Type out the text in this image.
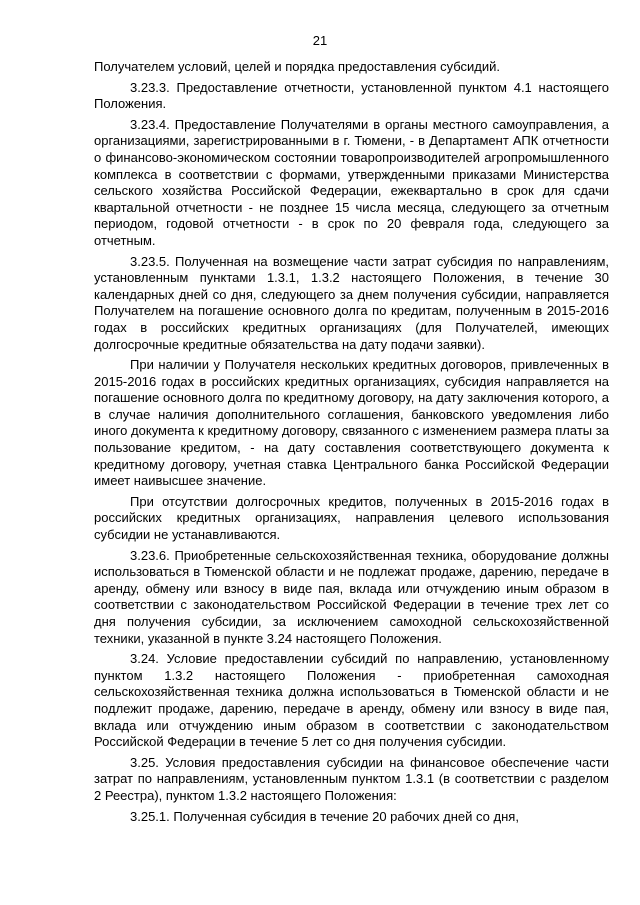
21

Получателем условий, целей и порядка предоставления субсидий.

3.23.3. Предоставление отчетности, установленной пунктом 4.1 настоящего Положения.

3.23.4. Предоставление Получателями в органы местного самоуправления, а организациями, зарегистрированными в г. Тюмени, - в Департамент АПК отчетности о финансово-экономическом состоянии товаропроизводителей агропромышленного комплекса в соответствии с формами, утвержденными приказами Министерства сельского хозяйства Российской Федерации, ежеквартально в срок для сдачи квартальной отчетности - не позднее 15 числа месяца, следующего за отчетным периодом, годовой отчетности - в срок по 20 февраля года, следующего за отчетным.

3.23.5. Полученная на возмещение части затрат субсидия по направлениям, установленным пунктами 1.3.1, 1.3.2 настоящего Положения, в течение 30 календарных дней со дня, следующего за днем получения субсидии, направляется Получателем на погашение основного долга по кредитам, полученным в 2015-2016 годах в российских кредитных организациях (для Получателей, имеющих долгосрочные кредитные обязательства на дату подачи заявки).

При наличии у Получателя нескольких кредитных договоров, привлеченных в 2015-2016 годах в российских кредитных организациях, субсидия направляется на погашение основного долга по кредитному договору, на дату заключения которого, а в случае наличия дополнительного соглашения, банковского уведомления либо иного документа к кредитному договору, связанного с изменением размера платы за пользование кредитом, - на дату составления соответствующего документа к кредитному договору, учетная ставка Центрального банка Российской Федерации имеет наивысшее значение.

При отсутствии долгосрочных кредитов, полученных в 2015-2016 годах в российских кредитных организациях, направления целевого использования субсидии не устанавливаются.

3.23.6. Приобретенные сельскохозяйственная техника, оборудование должны использоваться в Тюменской области и не подлежат продаже, дарению, передаче в аренду, обмену или взносу в виде пая, вклада или отчуждению иным образом в соответствии с законодательством Российской Федерации в течение трех лет со дня получения субсидии, за исключением самоходной сельскохозяйственной техники, указанной в пункте 3.24 настоящего Положения.

3.24. Условие предоставлении субсидий по направлению, установленному пунктом 1.3.2 настоящего Положения - приобретенная самоходная сельскохозяйственная техника должна использоваться в Тюменской области и не подлежит продаже, дарению, передаче в аренду, обмену или взносу в виде пая, вклада или отчуждению иным образом в соответствии с законодательством Российской Федерации в течение 5 лет со дня получения субсидии.

3.25. Условия предоставления субсидии на финансовое обеспечение части затрат по направлениям, установленным пунктом 1.3.1 (в соответствии с разделом 2 Реестра), пунктом 1.3.2 настоящего Положения:

3.25.1. Полученная субсидия в течение 20 рабочих дней со дня,
